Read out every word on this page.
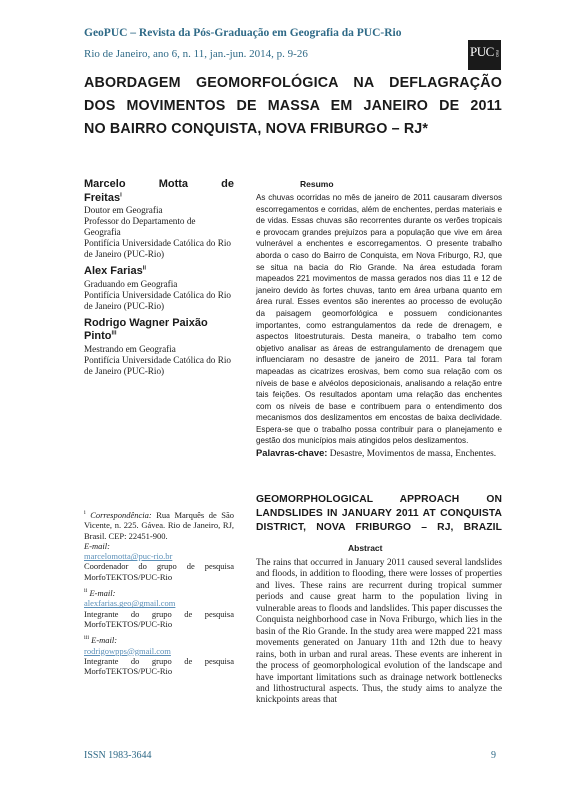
GeoPUC – Revista da Pós-Graduação em Geografia da PUC-Rio
Rio de Janeiro, ano 6, n. 11, jan.-jun. 2014, p. 9-26	PUC RIO
ABORDAGEM GEOMORFOLÓGICA NA DEFLAGRAÇÃO DOS MOVIMENTOS DE MASSA EM JANEIRO DE 2011
NO BAIRRO CONQUISTA, NOVA FRIBURGO – RJ*
Marcelo Motta de
Freitas$^i$
Doutor em Geografia
Professor do Departamento de Geografia
Pontifícia Universidade Católica do Rio de Janeiro (PUC-Rio)
Alex Farias$^{ii}$
Graduando em Geografia
Pontifícia Universidade Católica do Rio de Janeiro (PUC-Rio)
Rodrigo Wagner Paixão Pinto$^{iii}$
Mestrando em Geografia
Pontifícia Universidade Católica do Rio de Janeiro (PUC-Rio)
Resumo
As chuvas ocorridas no mês de janeiro de 2011 causaram diversos escorregamentos e corridas, além de enchentes, perdas materiais e de vidas. Essas chuvas são recorrentes durante os verões tropicais e provocam grandes prejuízos para a população que vive em área vulnerável a enchentes e escorregamentos. O presente trabalho aborda o caso do Bairro de Conquista, em Nova Friburgo, RJ, que se situa na bacia do Rio Grande. Na área estudada foram mapeados 221 movimentos de massa gerados nos dias 11 e 12 de janeiro devido às fortes chuvas, tanto em área urbana quanto em área rural. Esses eventos são inerentes ao processo de evolução da paisagem geomorfológica e possuem condicionantes importantes, como estrangulamentos da rede de drenagem, e aspectos litoestruturais. Desta maneira, o trabalho tem como objetivo analisar as áreas de estrangulamento de drenagem que influenciaram no desastre de janeiro de 2011. Para tal foram mapeadas as cicatrizes erosivas, bem como sua relação com os níveis de base e alvéolos deposicionais, analisando a relação entre tais feições. Os resultados apontam uma relação das enchentes com os níveis de base e contribuem para o entendimento dos mecanismos dos deslizamentos em encostas de baixa declividade. Espera-se que o trabalho possa contribuir para o planejamento e gestão dos municípios mais atingidos pelos deslizamentos.
Palavras-chave: Desastre, Movimentos de massa, Enchentes.
GEOMORPHOLOGICAL APPROACH ON LANDSLIDES IN JANUARY 2011 AT CONQUISTA DISTRICT, NOVA FRIBURGO – RJ, BRAZIL
Abstract
The rains that occurred in January 2011 caused several landslides and floods, in addition to flooding, there were losses of properties and lives. These rains are recurrent during tropical summer periods and cause great harm to the population living in vulnerable areas to floods and landslides. This paper discusses the Conquista neighborhood case in Nova Friburgo, which lies in the basin of the Rio Grande. In the study area were mapped 221 mass movements generated on January 11th and 12th due to heavy rains, both in urban and rural areas. These events are inherent in the process of geomorphological evolution of the landscape and have important limitations such as drainage network bottlenecks and lithostructural aspects. Thus, the study aims to analyze the knickpoints areas that
$^i$ Correspondência: Rua Marquês de São Vicente, n. 225. Gávea. Rio de Janeiro, RJ, Brasil. CEP: 22451-900.
E-mail:
marcelomotta@puc-rio.br
Coordenador do grupo de pesquisa MorfoTEKTOS/PUC-Rio
$^{ii}$ E-mail:
alexfarias.geo@gmail.com
Integrante do grupo de pesquisa MorfoTEKTOS/PUC-Rio
$^{iii}$ E-mail:
rodrigowpps@gmail.com
Integrante do grupo de pesquisa MorfoTEKTOS/PUC-Rio
ISSN 1983-3644	9
